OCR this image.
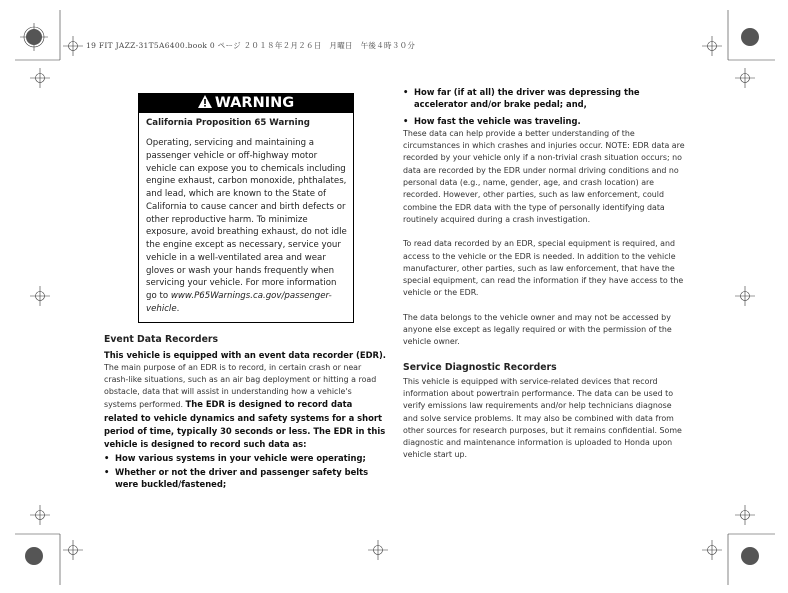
19 FIT JAZZ-31T5A6400.book 0 ページ ２０１８年２月２６日　月曜日　午後４時３０分
WARNING
California Proposition 65 Warning
Operating, servicing and maintaining a passenger vehicle or off-highway motor vehicle can expose you to chemicals including engine exhaust, carbon monoxide, phthalates, and lead, which are known to the State of California to cause cancer and birth defects or other reproductive harm. To minimize exposure, avoid breathing exhaust, do not idle the engine except as necessary, service your vehicle in a well-ventilated area and wear gloves or wash your hands frequently when servicing your vehicle. For more information go to www.P65Warnings.ca.gov/passenger-vehicle.
Event Data Recorders
This vehicle is equipped with an event data recorder (EDR).

The main purpose of an EDR is to record, in certain crash or near crash-like situations, such as an air bag deployment or hitting a road obstacle, data that will assist in understanding how a vehicle's systems performed. The EDR is designed to record data related to vehicle dynamics and safety systems for a short period of time, typically 30 seconds or less. The EDR in this vehicle is designed to record such data as:

• How various systems in your vehicle were operating;
• Whether or not the driver and passenger safety belts were buckled/fastened;
• How far (if at all) the driver was depressing the accelerator and/or brake pedal; and,
• How fast the vehicle was traveling.

These data can help provide a better understanding of the circumstances in which crashes and injuries occur. NOTE: EDR data are recorded by your vehicle only if a non-trivial crash situation occurs; no data are recorded by the EDR under normal driving conditions and no personal data (e.g., name, gender, age, and crash location) are recorded. However, other parties, such as law enforcement, could combine the EDR data with the type of personally identifying data routinely acquired during a crash investigation.

To read data recorded by an EDR, special equipment is required, and access to the vehicle or the EDR is needed. In addition to the vehicle manufacturer, other parties, such as law enforcement, that have the special equipment, can read the information if they have access to the vehicle or the EDR.

The data belongs to the vehicle owner and may not be accessed by anyone else except as legally required or with the permission of the vehicle owner.

Service Diagnostic Recorders

This vehicle is equipped with service-related devices that record information about powertrain performance. The data can be used to verify emissions law requirements and/or help technicians diagnose and solve service problems. It may also be combined with data from other sources for research purposes, but it remains confidential. Some diagnostic and maintenance information is uploaded to Honda upon vehicle start up.
